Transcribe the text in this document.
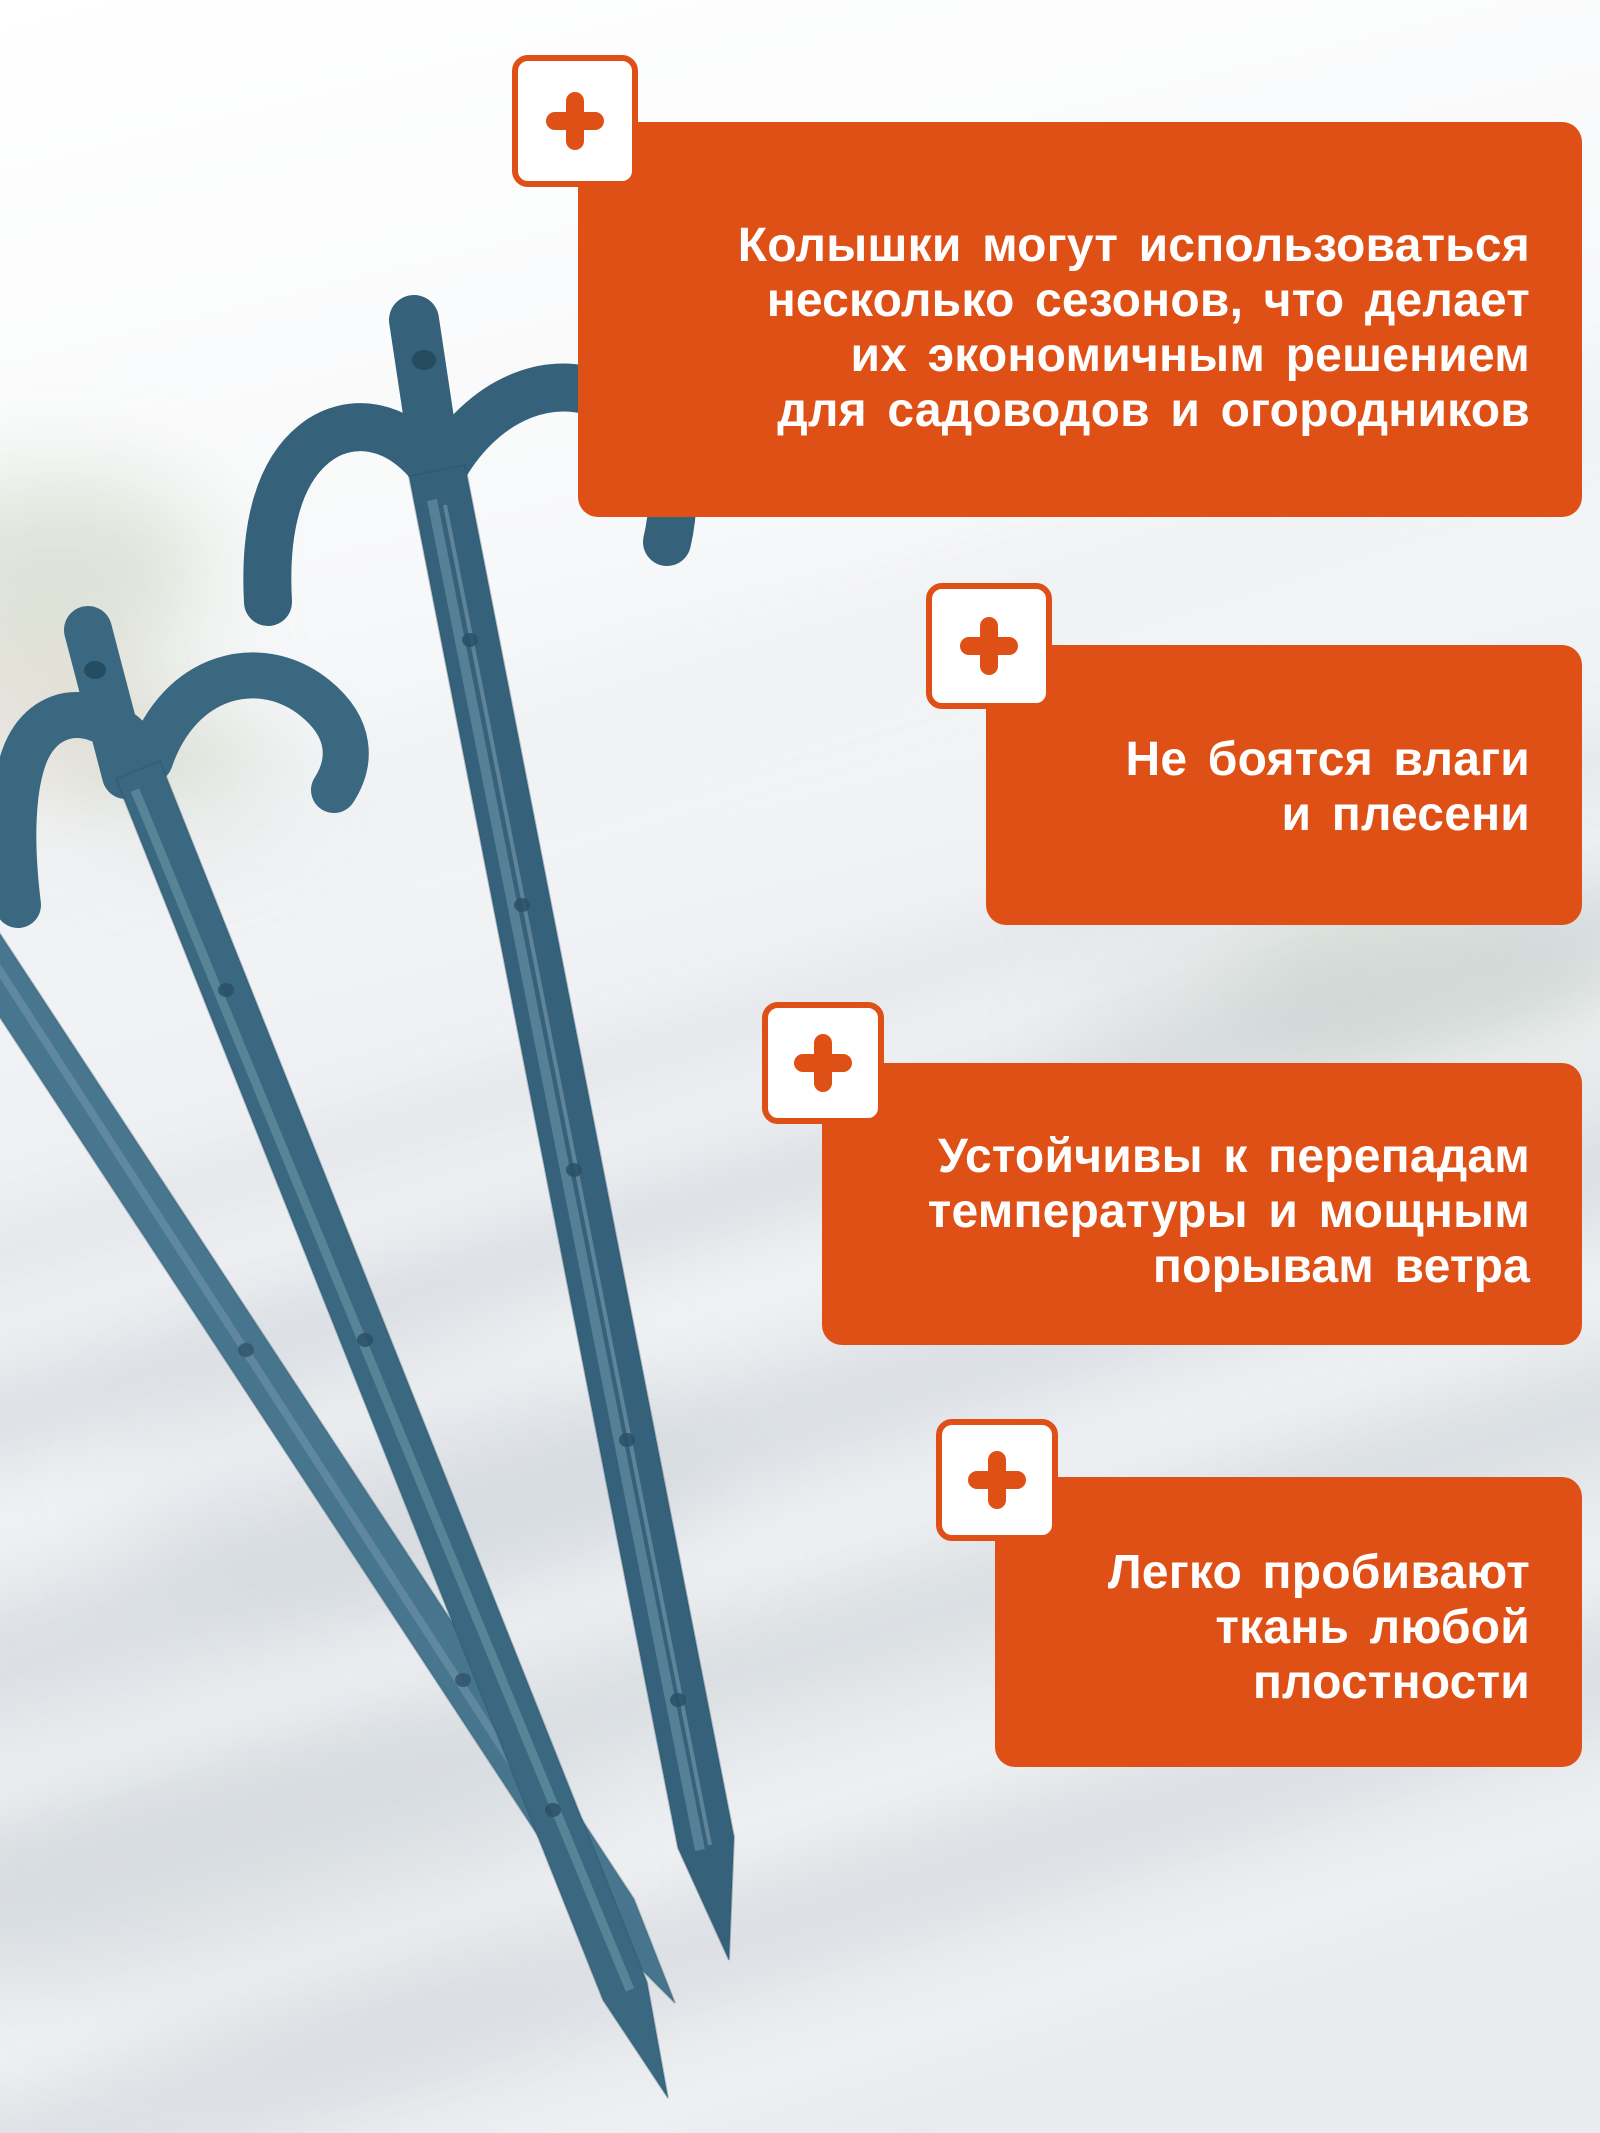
Колышки могут использоваться
несколько сезонов, что делает
их экономичным решением
для садоводов и огородников
Не боятся влаги
и плесени
Устойчивы к перепадам
температуры и мощным
порывам ветра
Легко пробивают
ткань любой
плостности
